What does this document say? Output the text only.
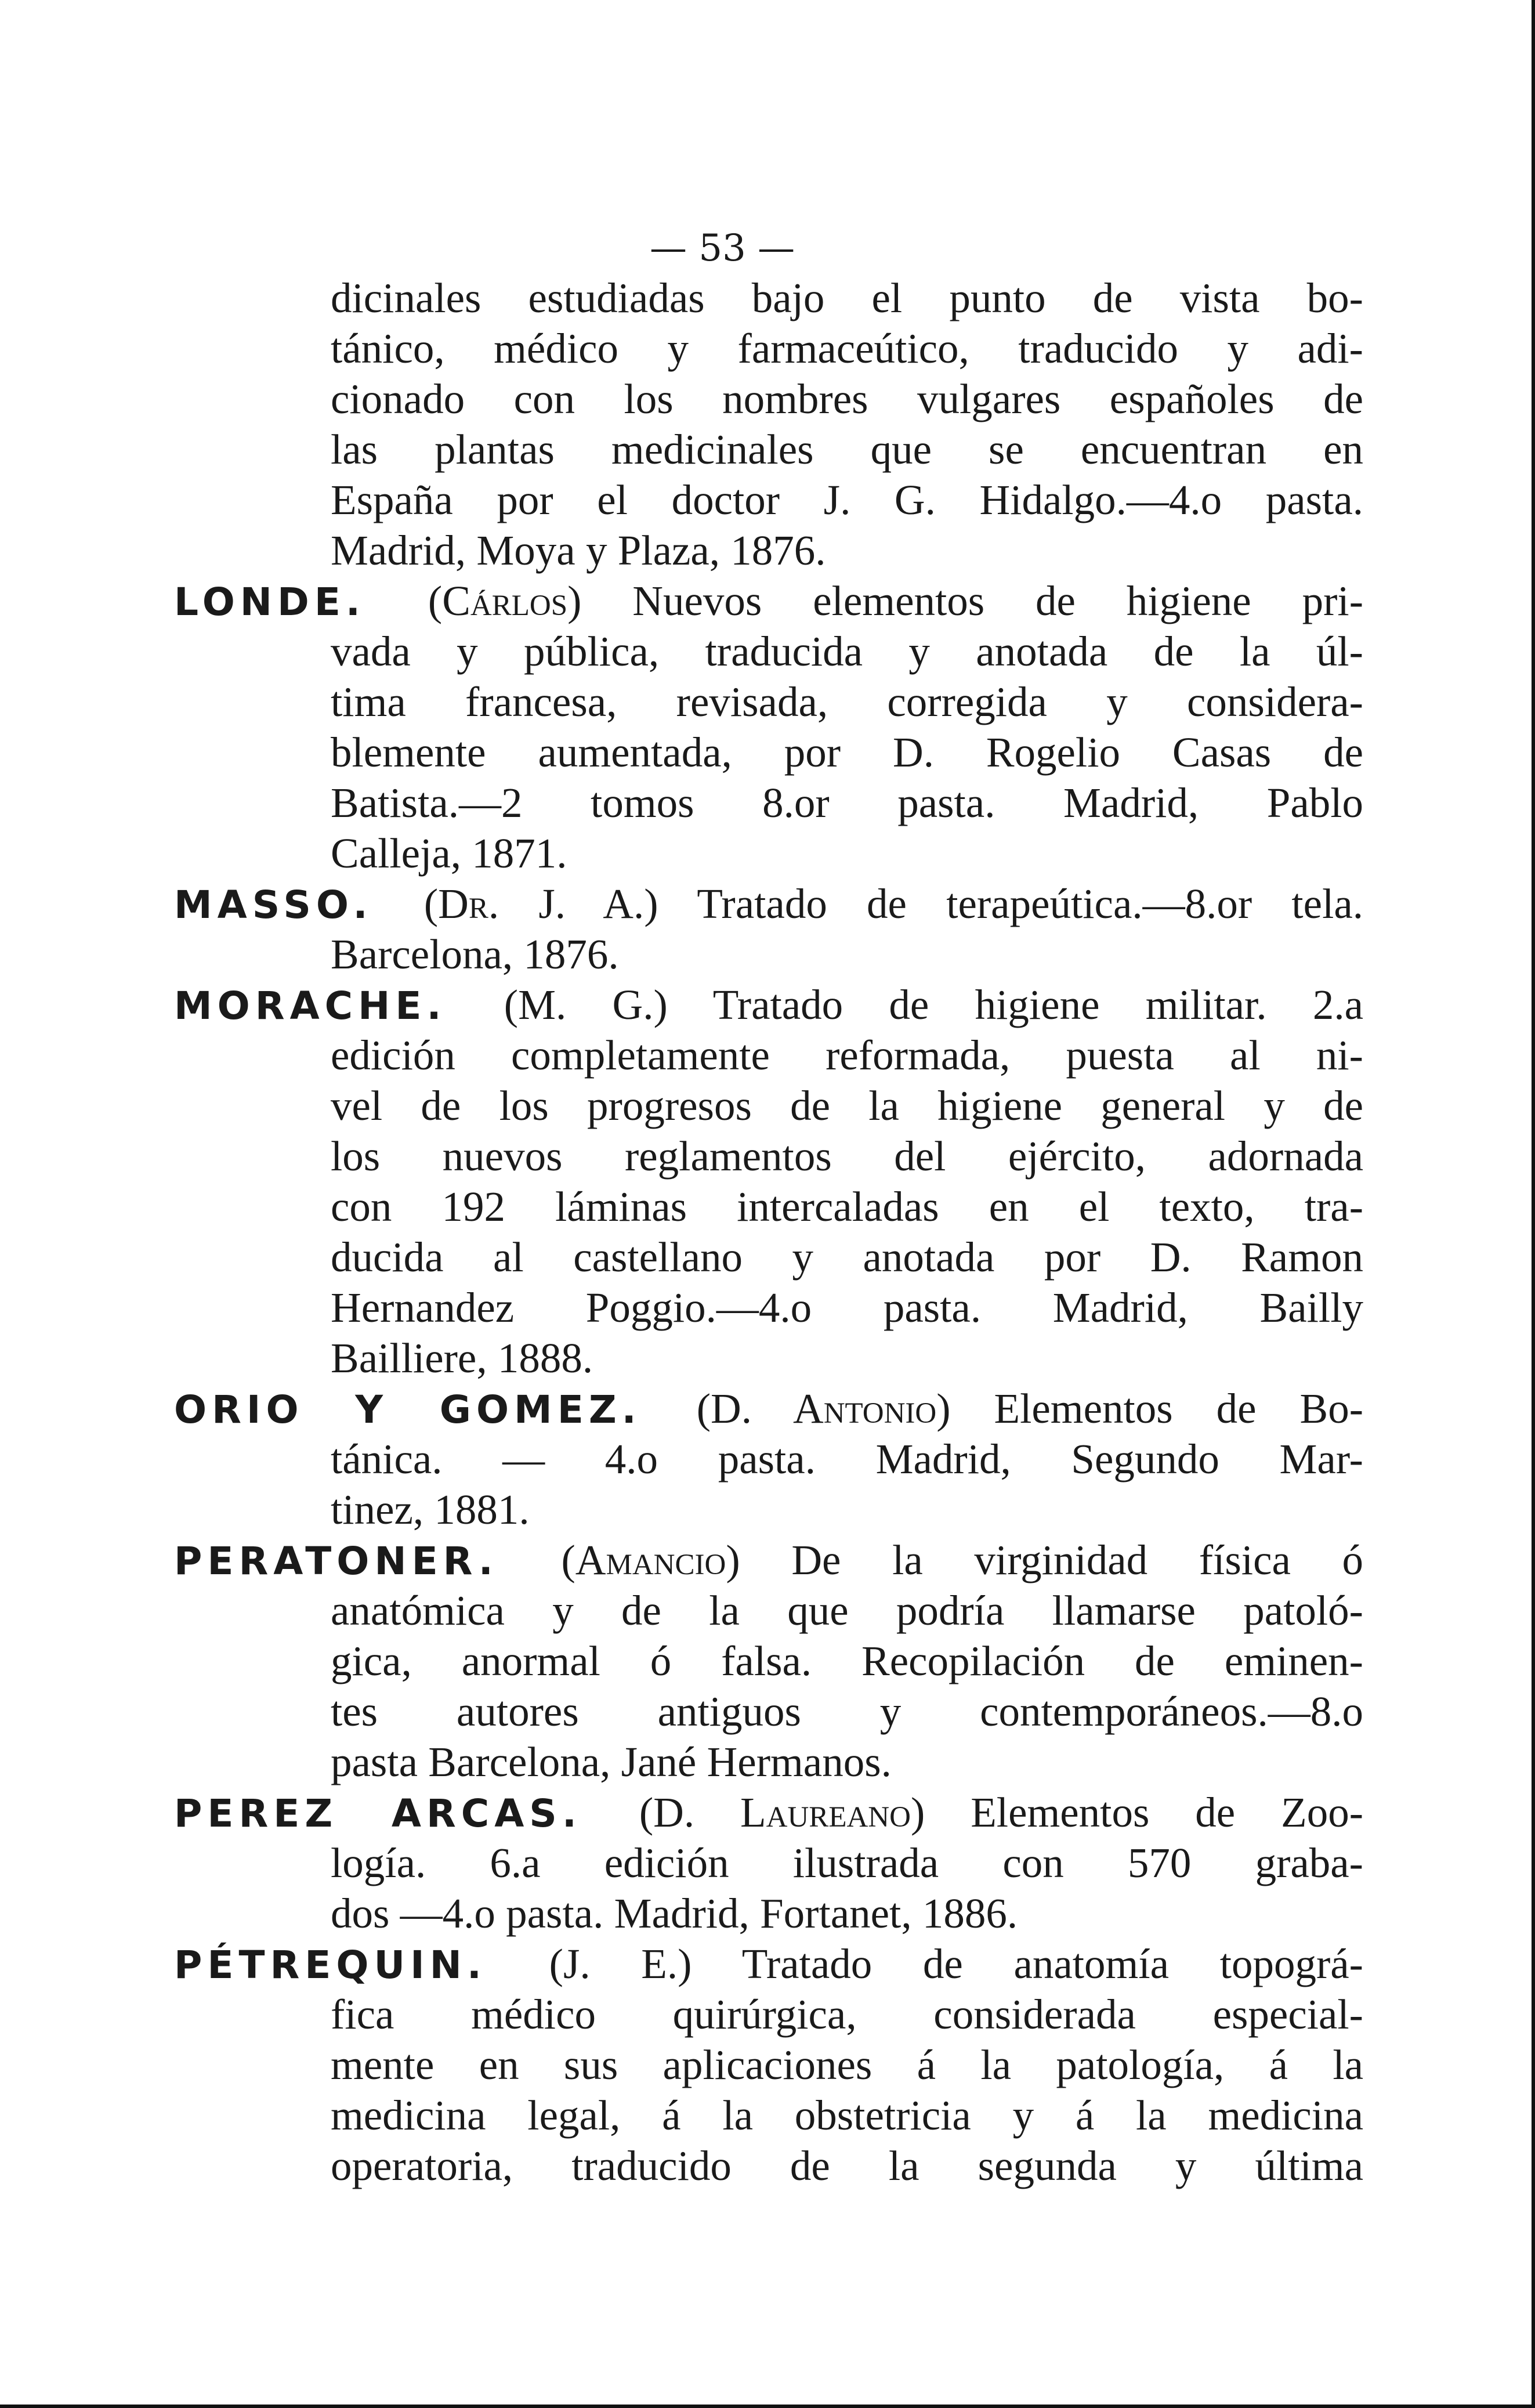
— 53 —
dicinales estudiadas bajo el punto de vista bo-
tánico, médico y farmaceútico, traducido y adi-
cionado con los nombres vulgares españoles de
las plantas medicinales que se encuentran en
España por el doctor J. G. Hidalgo.—4.o pasta.
Madrid, Moya y Plaza, 1876.
LONDE. (Cárlos) Nuevos elementos de higiene pri-
vada y pública, traducida y anotada de la úl-
tima francesa, revisada, corregida y considera-
blemente aumentada, por D. Rogelio Casas de
Batista.—2 tomos 8.or pasta. Madrid, Pablo
Calleja, 1871.
MASSO. (Dr. J. A.) Tratado de terapeútica.—8.or tela.
Barcelona, 1876.
MORACHE. (M. G.) Tratado de higiene militar. 2.a
edición completamente reformada, puesta al ni-
vel de los progresos de la higiene general y de
los nuevos reglamentos del ejército, adornada
con 192 láminas intercaladas en el texto, tra-
ducida al castellano y anotada por D. Ramon
Hernandez Poggio.—4.o pasta. Madrid, Bailly
Bailliere, 1888.
ORIO Y GOMEZ. (D. Antonio) Elementos de Bo-
tánica. — 4.o pasta. Madrid, Segundo Mar-
tinez, 1881.
PERATONER. (Amancio) De la virginidad física ó
anatómica y de la que podría llamarse patoló-
gica, anormal ó falsa. Recopilación de eminen-
tes autores antiguos y contemporáneos.—8.o
pasta Barcelona, Jané Hermanos.
PEREZ ARCAS. (D. Laureano) Elementos de Zoo-
logía. 6.a edición ilustrada con 570 graba-
dos —4.o pasta. Madrid, Fortanet, 1886.
PÉTREQUIN. (J. E.) Tratado de anatomía topográ-
fica médico quirúrgica, considerada especial-
mente en sus aplicaciones á la patología, á la
medicina legal, á la obstetricia y á la medicina
operatoria, traducido de la segunda y última
